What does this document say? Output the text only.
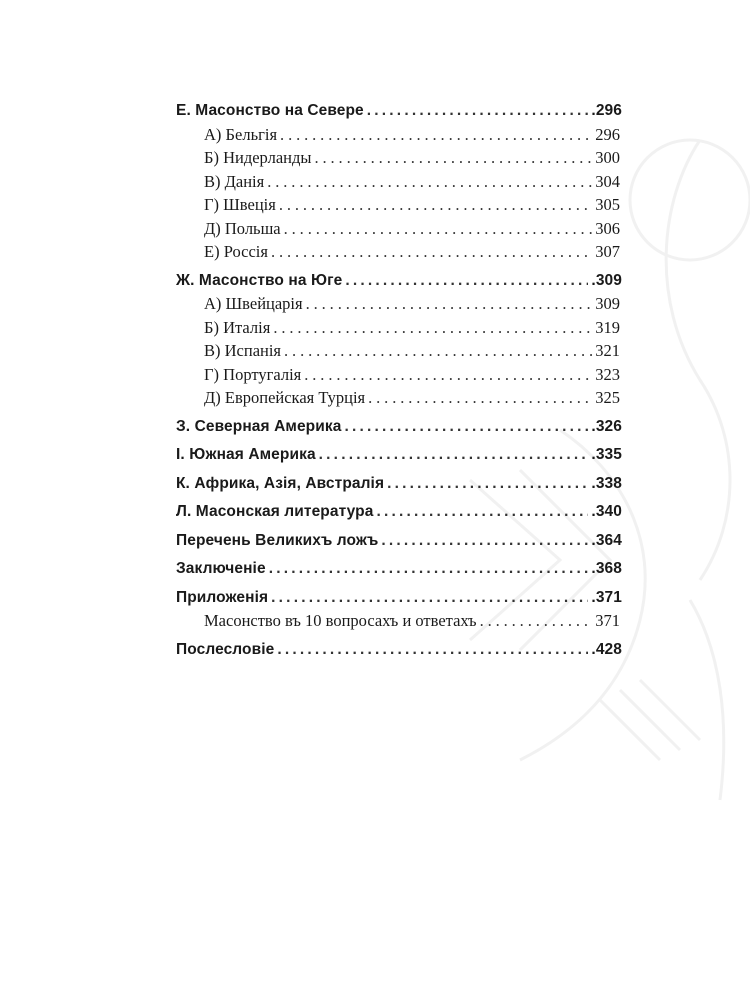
Е. Масонство на Севере .....	.296
А) Бельгія .....	296
Б) Нидерланды .....	300
В) Данія .....	304
Г) Швеція .....	305
Д) Польша .....	306
Е) Россія .....	307
Ж. Масонство на Юге .....	.309
А) Швейцарія .....	309
Б) Италія .....	319
В) Испанія .....	321
Г) Португалія .....	323
Д) Европейская Турція .....	325
З. Северная Америка .....	.326
І. Южная Америка .....	.335
К. Африка, Азія, Австралія .....	.338
Л. Масонская литература .....	.340
Перечень Великихъ ложъ .....	.364
Заключеніе .....	.368
Приложенія .....	.371
Масонство въ 10 вопросахъ и ответахъ .....	371
Послесловіе .....	.428
